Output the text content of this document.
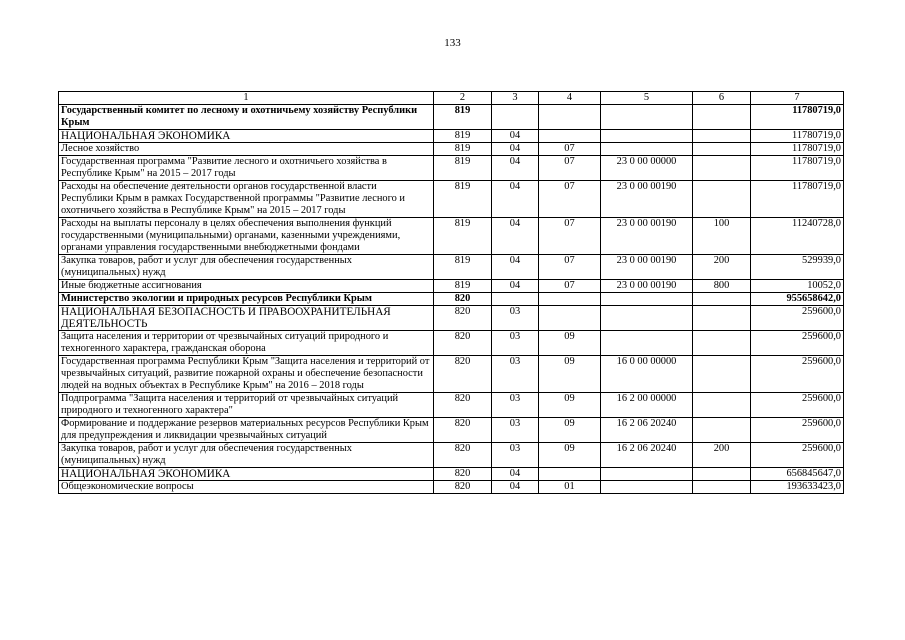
133
1	2	3	4	5	6	7
Государственный комитет по лесному и охотничьему хозяйству Республики Крым	819					11780719,0
НАЦИОНАЛЬНАЯ ЭКОНОМИКА	819	04				11780719,0
Лесное хозяйство	819	04	07			11780719,0
Государственная программа "Развитие лесного и охотничьего хозяйства в Республике Крым" на 2015 – 2017 годы	819	04	07	23 0 00 00000		11780719,0
Расходы на обеспечение деятельности органов государственной власти Республики Крым в рамках Государственной программы "Развитие лесного и охотничьего хозяйства в Республике Крым" на 2015 – 2017 годы	819	04	07	23 0 00 00190		11780719,0
Расходы на выплаты персоналу в целях обеспечения выполнения функций государственными (муниципальными) органами, казенными учреждениями, органами управления государственными внебюджетными фондами	819	04	07	23 0 00 00190	100	11240728,0
Закупка товаров, работ и услуг для обеспечения государственных (муниципальных) нужд	819	04	07	23 0 00 00190	200	529939,0
Иные бюджетные ассигнования	819	04	07	23 0 00 00190	800	10052,0
Министерство экологии и природных ресурсов Республики Крым	820					955658642,0
НАЦИОНАЛЬНАЯ БЕЗОПАСНОСТЬ И ПРАВООХРАНИТЕЛЬНАЯ ДЕЯТЕЛЬНОСТЬ	820	03				259600,0
Защита населения и территории от чрезвычайных ситуаций природного и техногенного характера, гражданская оборона	820	03	09			259600,0
Государственная программа Республики Крым "Защита населения и территорий от чрезвычайных ситуаций, развитие пожарной охраны и обеспечение безопасности людей на водных объектах в Республике Крым" на 2016 – 2018 годы	820	03	09	16 0 00 00000		259600,0
Подпрограмма "Защита населения и территорий от чрезвычайных ситуаций природного и техногенного характера"	820	03	09	16 2 00 00000		259600,0
Формирование и поддержание резервов материальных ресурсов Республики Крым для предупреждения и ликвидации чрезвычайных ситуаций	820	03	09	16 2 06 20240		259600,0
Закупка товаров, работ и услуг для обеспечения государственных (муниципальных) нужд	820	03	09	16 2 06 20240	200	259600,0
НАЦИОНАЛЬНАЯ ЭКОНОМИКА	820	04				656845647,0
Общеэкономические вопросы	820	04	01			193633423,0
